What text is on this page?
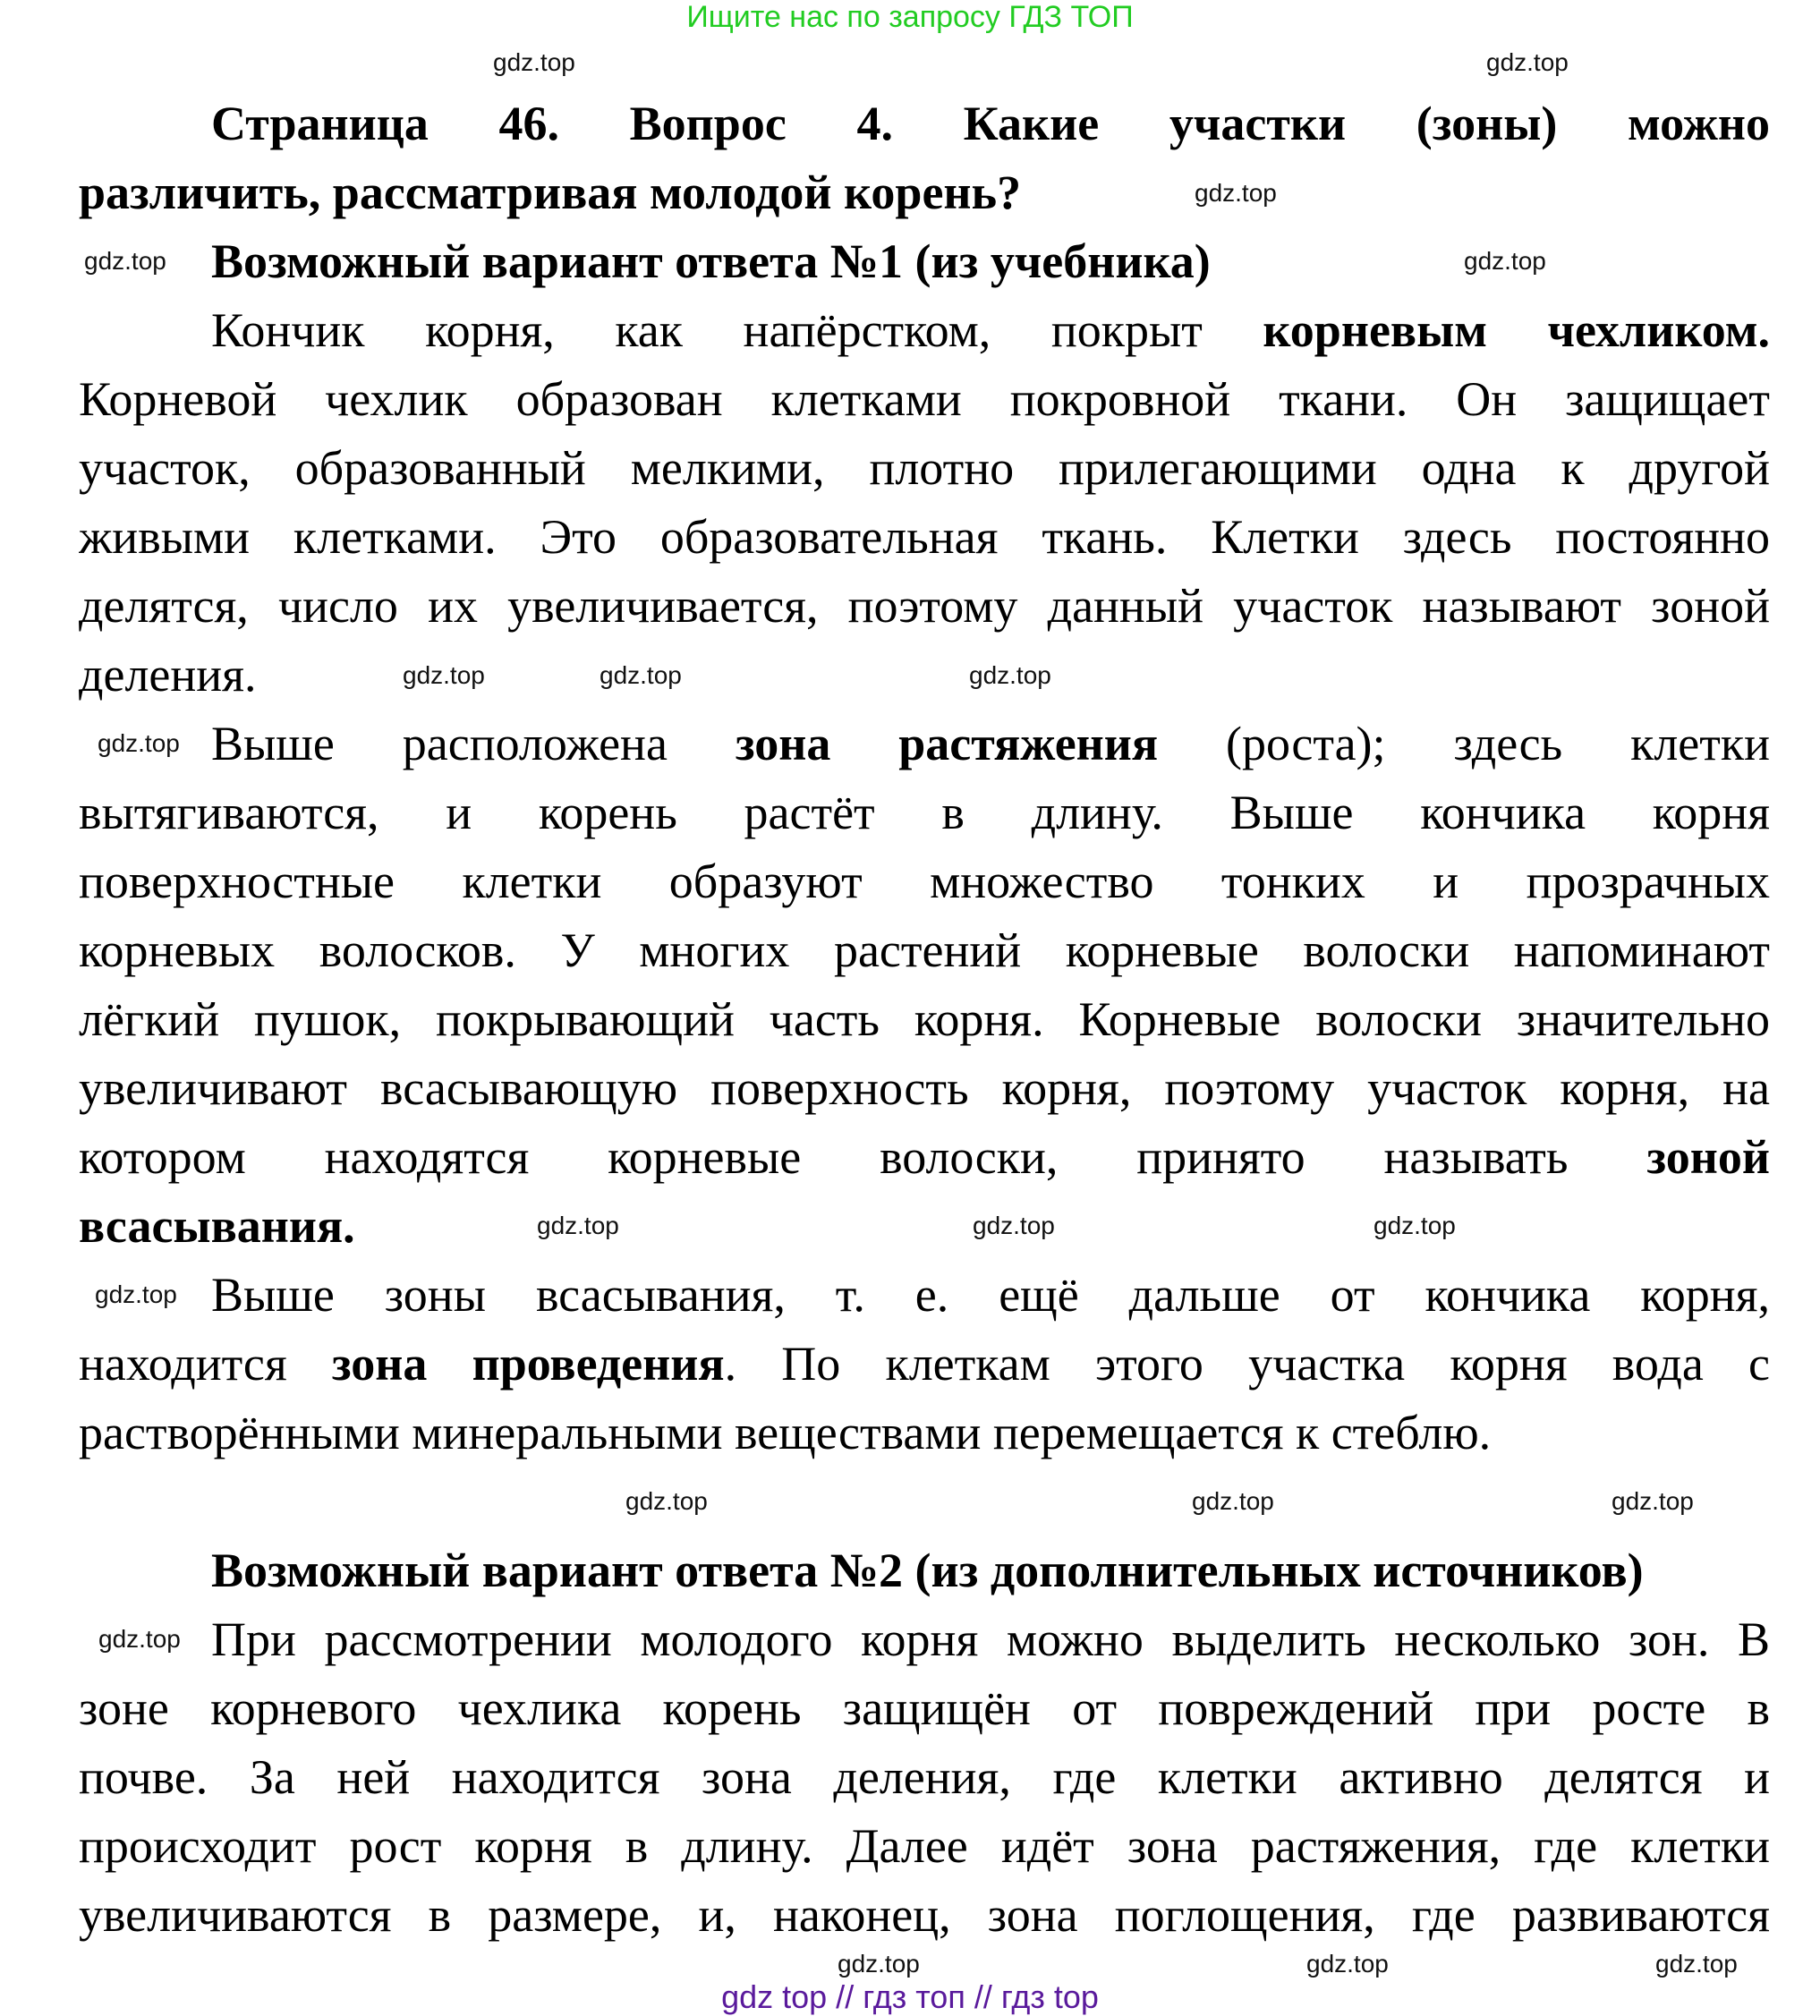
Ищите нас по запросу ГДЗ ТОП
Страница 46. Вопрос 4. Какие участки (зоны) можно
различить, рассматривая молодой корень?
Возможный вариант ответа №1 (из учебника)
Кончик корня, как напёрстком, покрыт корневым чехликом.
Корневой чехлик образован клетками покровной ткани. Он защищает
участок, образованный мелкими, плотно прилегающими одна к другой
живыми клетками. Это образовательная ткань. Клетки здесь постоянно
делятся, число их увеличивается, поэтому данный участок называют зоной
деления.
Выше расположена зона растяжения (роста); здесь клетки
вытягиваются, и корень растёт в длину. Выше кончика корня
поверхностные клетки образуют множество тонких и прозрачных
корневых волосков. У многих растений корневые волоски напоминают
лёгкий пушок, покрывающий часть корня. Корневые волоски значительно
увеличивают всасывающую поверхность корня, поэтому участок корня, на
котором находятся корневые волоски, принято называть зоной
всасывания.
Выше зоны всасывания, т. е. ещё дальше от кончика корня,
находится зона проведения. По клеткам этого участка корня вода с
растворёнными минеральными веществами перемещается к стеблю.
Возможный вариант ответа №2 (из дополнительных источников)
При рассмотрении молодого корня можно выделить несколько зон. В
зоне корневого чехлика корень защищён от повреждений при росте в
почве. За ней находится зона деления, где клетки активно делятся и
происходит рост корня в длину. Далее идёт зона растяжения, где клетки
увеличиваются в размере, и, наконец, зона поглощения, где развиваются
gdz.top	gdz.top
gdz.top
gdz.top	gdz.top
gdz.top	gdz.top	gdz.top
gdz.top
gdz.top	gdz.top	gdz.top
gdz.top
gdz.top	gdz.top	gdz.top
gdz.top
gdz.top	gdz.top	gdz.top
gdz top // гдз топ // гдз top
